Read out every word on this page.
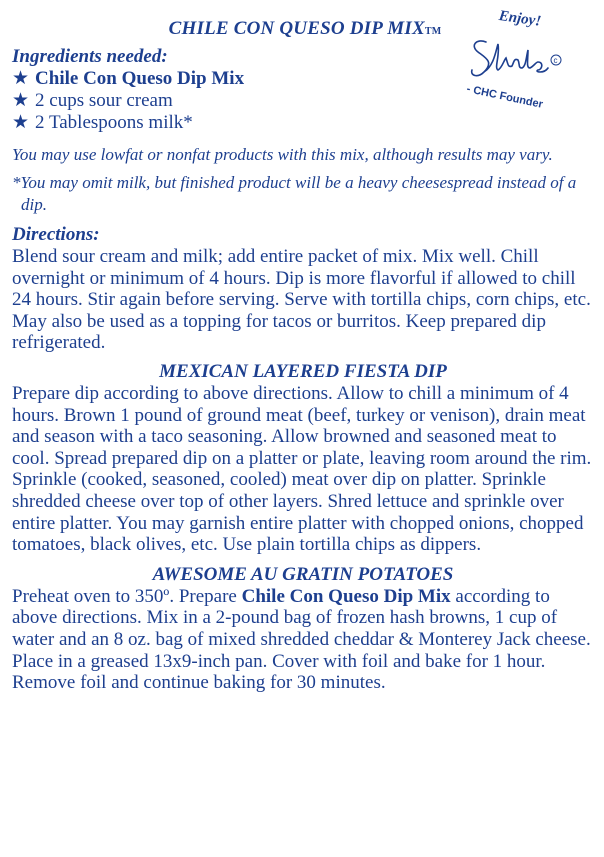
Enjoy!
c
- CHC Founder
CHILE CON QUESO DIP MIXTM

Ingredients needed:

★ Chile Con Queso Dip Mix

★ 2 cups sour cream

★ 2 Tablespoons milk*

You may use lowfat or nonfat products with this mix, although results may vary.

*You may omit milk, but finished product will be a heavy cheesespread instead of a dip.

Directions:

Blend sour cream and milk; add entire packet of mix. Mix well. Chill overnight or minimum of 4 hours. Dip is more flavorful if allowed to chill 24 hours. Stir again before serving. Serve with tortilla chips, corn chips, etc. May also be used as a topping for tacos or burritos. Keep prepared dip refrigerated.

MEXICAN LAYERED FIESTA DIP

Prepare dip according to above directions. Allow to chill a minimum of 4 hours. Brown 1 pound of ground meat (beef, turkey or venison), drain meat and season with a taco seasoning. Allow browned and seasoned meat to cool. Spread prepared dip on a platter or plate, leaving room around the rim. Sprinkle (cooked, seasoned, cooled) meat over dip on platter. Sprinkle shredded cheese over top of other layers. Shred lettuce and sprinkle over entire platter. You may garnish entire platter with chopped onions, chopped tomatoes, black olives, etc. Use plain tortilla chips as dippers.

AWESOME AU GRATIN POTATOES

Preheat oven to 350º. Prepare Chile Con Queso Dip Mix according to above directions. Mix in a 2-pound bag of frozen hash browns, 1 cup of water and an 8 oz. bag of mixed shredded cheddar & Monterey Jack cheese. Place in a greased 13x9-inch pan. Cover with foil and bake for 1 hour. Remove foil and continue baking for 30 minutes.
